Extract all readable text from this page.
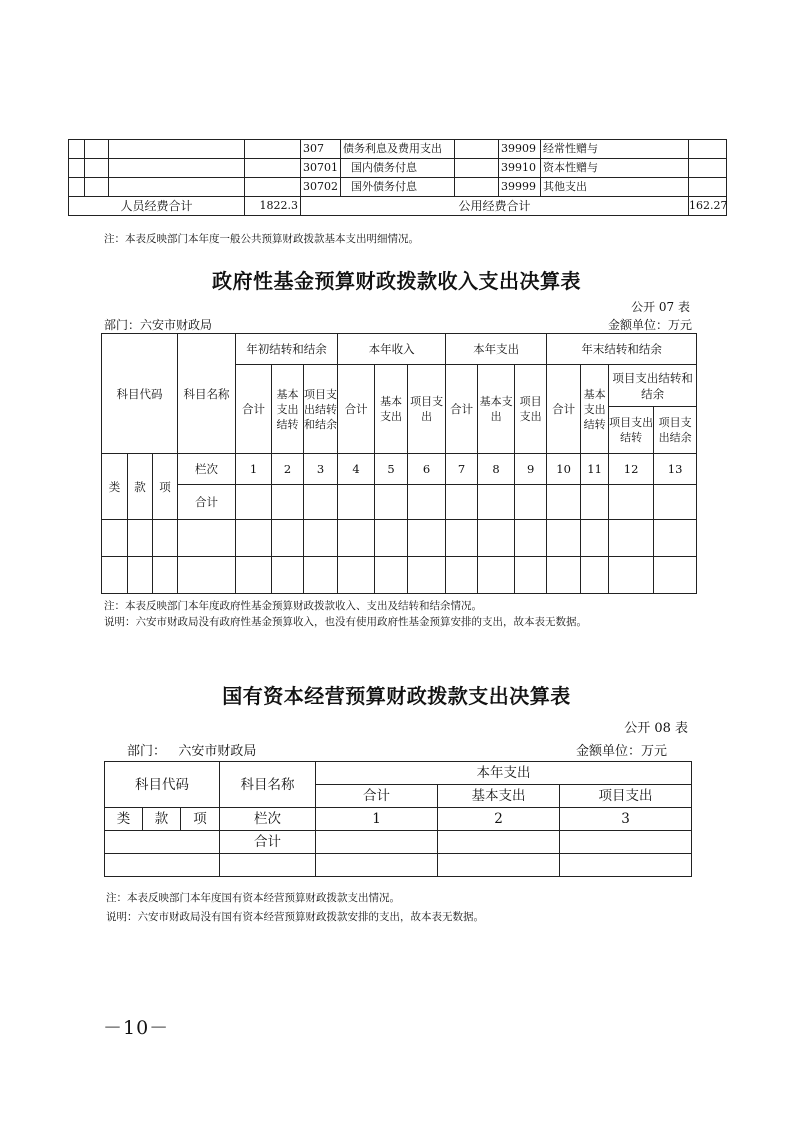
				307	债务利息及费用支出		39909	经常性赠与	
				30701	国内债务付息		39910	资本性赠与	
				30702	国外债务付息		39999	其他支出	
人员经费合计			1822.3	公用经费合计					162.27
注：本表反映部门本年度一般公共预算财政拨款基本支出明细情况。
政府性基金预算财政拨款收入支出决算表
公开 07 表
部门：六安市财政局	金额单位：万元
科目代码			科目名称	年初结转和结余			本年收入			本年支出			年末结转和结余			
				合计	基本支出结转	项目支出结转和结余	合计	基本支出	项目支出	合计	基本支出	项目支出	合计	基本支出结转	项目支出结转和结余	
															项目支出结转	项目支出结余
类	款	项	栏次	1	2	3	4	5	6	7	8	9	10	11	12	13
			合计													

注：本表反映部门本年度政府性基金预算财政拨款收入、支出及结转和结余情况。
说明：六安市财政局没有政府性基金预算收入，也没有使用政府性基金预算安排的支出，故本表无数据。
国有资本经营预算财政拨款支出决算表
公开 08 表
部门：   六安市财政局	金额单位：万元
科目代码			科目名称	本年支出		
				合计	基本支出	项目支出
类	款	项	栏次	1	2	3
			合计			

注：本表反映部门本年度国有资本经营预算财政拨款支出情况。
说明：六安市财政局没有国有资本经营预算财政拨款安排的支出，故本表无数据。
－10－
